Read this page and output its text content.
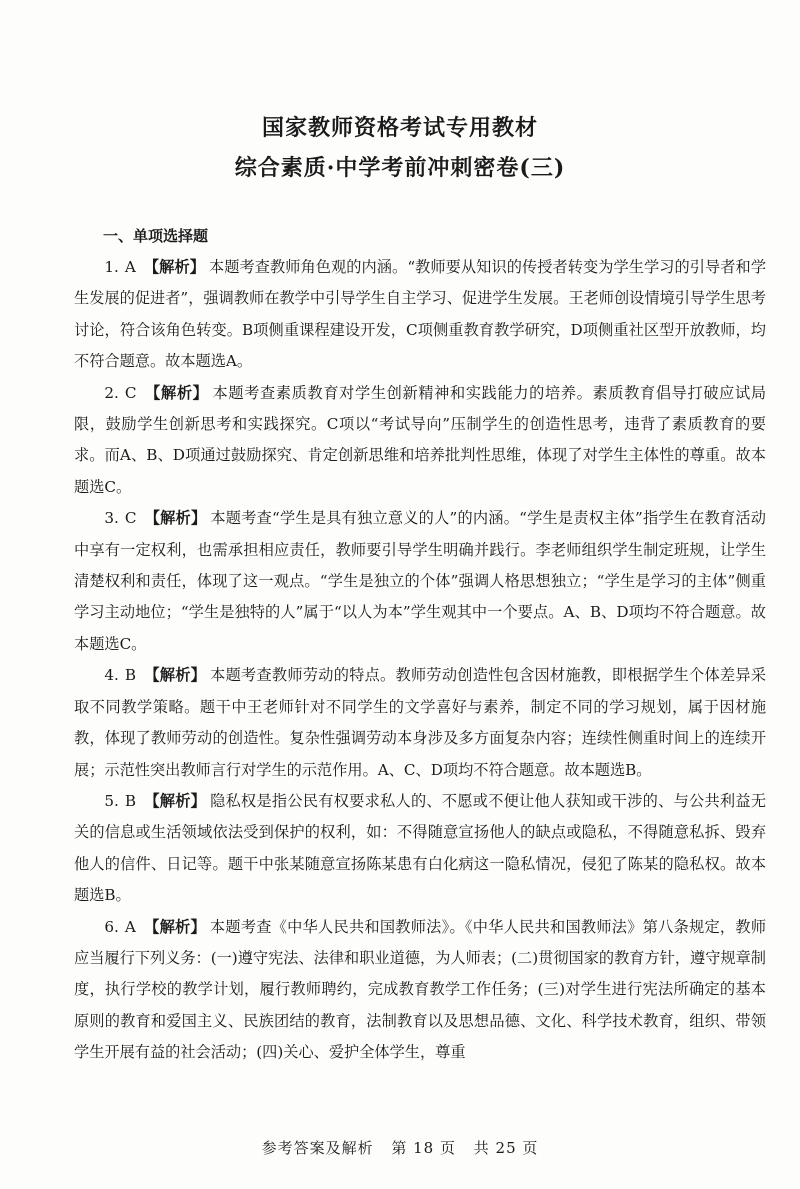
国家教师资格考试专用教材
综合素质·中学考前冲刺密卷(三)
一、单项选择题

1. A 【解析】 本题考查教师角色观的内涵。“教师要从知识的传授者转变为学生学习的引导者和学生发展的促进者”，强调教师在教学中引导学生自主学习、促进学生发展。王老师创设情境引导学生思考讨论，符合该角色转变。B项侧重课程建设开发，C项侧重教育教学研究，D项侧重社区型开放教师，均不符合题意。故本题选A。

2. C 【解析】 本题考查素质教育对学生创新精神和实践能力的培养。素质教育倡导打破应试局限，鼓励学生创新思考和实践探究。C项以“考试导向”压制学生的创造性思考，违背了素质教育的要求。而A、B、D项通过鼓励探究、肯定创新思维和培养批判性思维，体现了对学生主体性的尊重。故本题选C。

3. C 【解析】 本题考查“学生是具有独立意义的人”的内涵。“学生是责权主体”指学生在教育活动中享有一定权利，也需承担相应责任，教师要引导学生明确并践行。李老师组织学生制定班规，让学生清楚权利和责任，体现了这一观点。“学生是独立的个体”强调人格思想独立；“学生是学习的主体”侧重学习主动地位；“学生是独特的人”属于“以人为本”学生观其中一个要点。A、B、D项均不符合题意。故本题选C。

4. B 【解析】 本题考查教师劳动的特点。教师劳动创造性包含因材施教，即根据学生个体差异采取不同教学策略。题干中王老师针对不同学生的文学喜好与素养，制定不同的学习规划，属于因材施教，体现了教师劳动的创造性。复杂性强调劳动本身涉及多方面复杂内容；连续性侧重时间上的连续开展；示范性突出教师言行对学生的示范作用。A、C、D项均不符合题意。故本题选B。

5. B 【解析】 隐私权是指公民有权要求私人的、不愿或不便让他人获知或干涉的、与公共利益无关的信息或生活领域依法受到保护的权利，如：不得随意宣扬他人的缺点或隐私，不得随意私拆、毁弃他人的信件、日记等。题干中张某随意宣扬陈某患有白化病这一隐私情况，侵犯了陈某的隐私权。故本题选B。

6. A 【解析】 本题考查《中华人民共和国教师法》。《中华人民共和国教师法》第八条规定，教师应当履行下列义务：(一)遵守宪法、法律和职业道德，为人师表；(二)贯彻国家的教育方针，遵守规章制度，执行学校的教学计划，履行教师聘约，完成教育教学工作任务；(三)对学生进行宪法所确定的基本原则的教育和爱国主义、民族团结的教育，法制教育以及思想品德、文化、科学技术教育，组织、带领学生开展有益的社会活动；(四)关心、爱护全体学生，尊重

参考答案及解析 第 18 页 共 25 页
